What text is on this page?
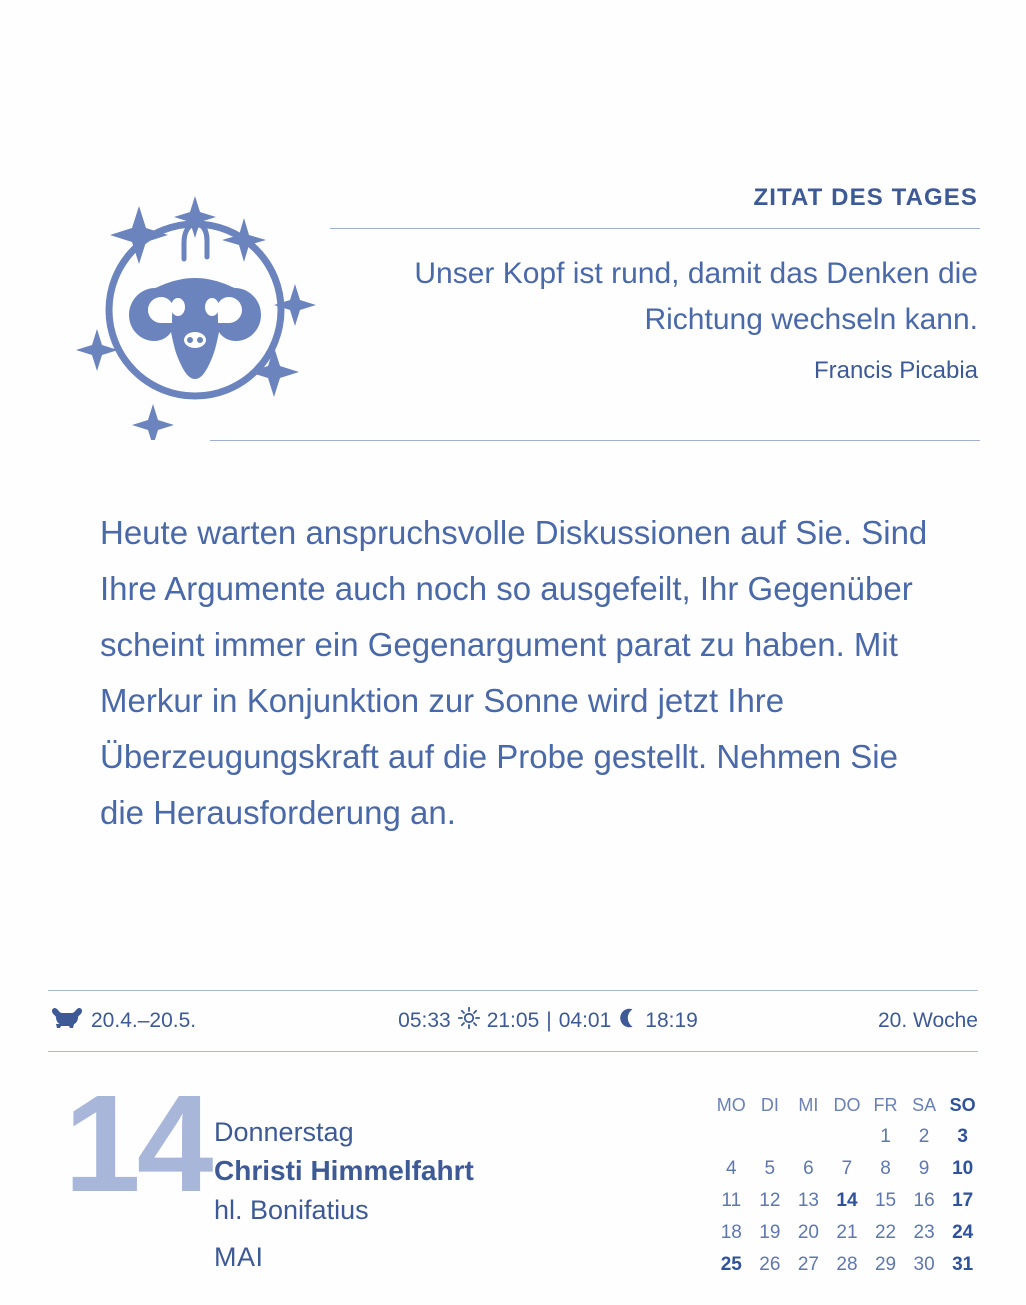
ZITAT DES TAGES
Unser Kopf ist rund, damit das Denken die Richtung wechseln kann.
Francis Picabia
Heute warten anspruchsvolle Diskussionen auf Sie. Sind Ihre Argumente auch noch so ausgefeilt, Ihr Gegenüber scheint immer ein Gegenargument parat zu haben. Mit Merkur in Konjunktion zur Sonne wird jetzt Ihre Überzeugungskraft auf die Probe gestellt. Nehmen Sie die Herausforderung an.
20.4.–20.5.	05:33 21:05 | 04:01 18:19	20. Woche
14 Donnerstag
Christi Himmelfahrt
hl. Bonifatius
MAI
MO	DI	MI	DO	FR	SA	SO
				1	2	3
4	5	6	7	8	9	10
11	12	13	14	15	16	17
18	19	20	21	22	23	24
25	26	27	28	29	30	31
